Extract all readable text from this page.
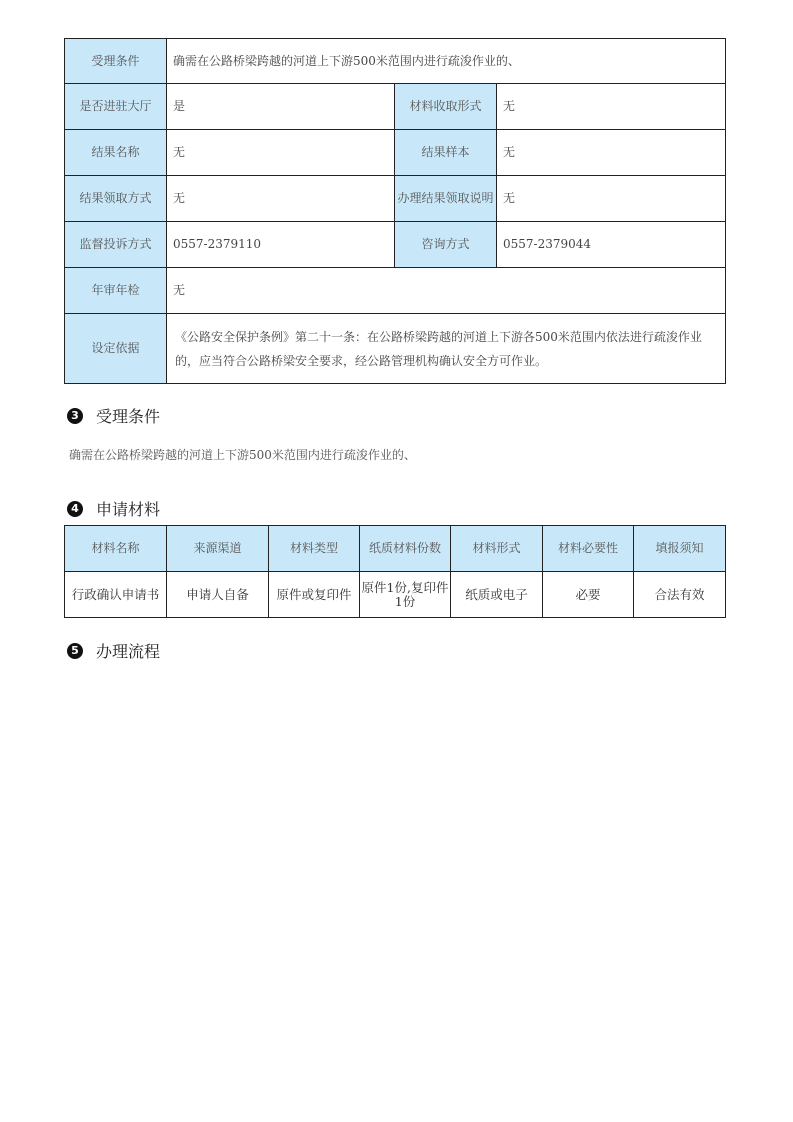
受理条件	确需在公路桥梁跨越的河道上下游500米范围内进行疏浚作业的、		
是否进驻大厅	是	材料收取形式	无
结果名称	无	结果样本	无
结果领取方式	无	办理结果领取说明	无
监督投诉方式	0557-2379110	咨询方式	0557-2379044
年审年检	无		
设定依据	《公路安全保护条例》第二十一条：在公路桥梁跨越的河道上下游各500米范围内依法进行疏浚作业的，应当符合公路桥梁安全要求，经公路管理机构确认安全方可作业。		
3 受理条件
确需在公路桥梁跨越的河道上下游500米范围内进行疏浚作业的、
4 申请材料
材料名称	来源渠道	材料类型	纸质材料份数	材料形式	材料必要性	填报须知
行政确认申请书	申请人自备	原件或复印件	原件1份,复印件1份	纸质或电子	必要	合法有效
5 办理流程
